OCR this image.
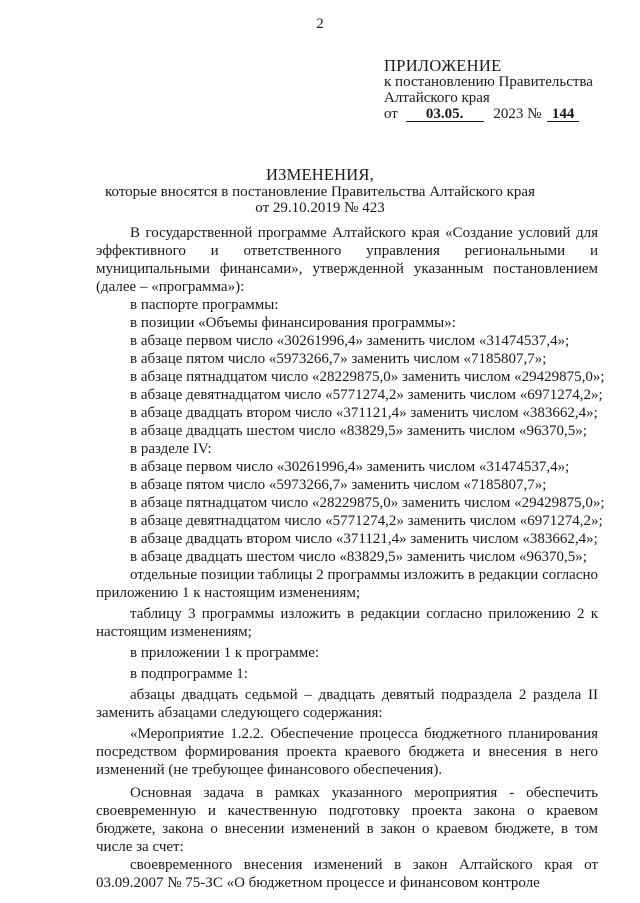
2
ПРИЛОЖЕНИЕ
к постановлению Правительства
Алтайского края
от 03.05. 2023 № 144
ИЗМЕНЕНИЯ,
которые вносятся в постановление Правительства Алтайского края
от 29.10.2019 № 423

В государственной программе Алтайского края «Создание условий для эффективного и ответственного управления региональными и муниципальными финансами», утвержденной указанным постановлением (далее – «программа»):

в паспорте программы:

в позиции «Объемы финансирования программы»:

в абзаце первом число «30261996,4» заменить числом «31474537,4»;

в абзаце пятом число «5973266,7» заменить числом «7185807,7»;

в абзаце пятнадцатом число «28229875,0» заменить числом «29429875,0»;

в абзаце девятнадцатом число «5771274,2» заменить числом «6971274,2»;

в абзаце двадцать втором число «371121,4» заменить числом «383662,4»;

в абзаце двадцать шестом число «83829,5» заменить числом «96370,5»;

в разделе IV:

в абзаце первом число «30261996,4» заменить числом «31474537,4»;

в абзаце пятом число «5973266,7» заменить числом «7185807,7»;

в абзаце пятнадцатом число «28229875,0» заменить числом «29429875,0»;

в абзаце девятнадцатом число «5771274,2» заменить числом «6971274,2»;

в абзаце двадцать втором число «371121,4» заменить числом «383662,4»;

в абзаце двадцать шестом число «83829,5» заменить числом «96370,5»;

отдельные позиции таблицы 2 программы изложить в редакции согласно приложению 1 к настоящим изменениям;

таблицу 3 программы изложить в редакции согласно приложению 2 к настоящим изменениям;

в приложении 1 к программе:

в подпрограмме 1:

абзацы двадцать седьмой – двадцать девятый подраздела 2 раздела II заменить абзацами следующего содержания:

«Мероприятие 1.2.2. Обеспечение процесса бюджетного планирования посредством формирования проекта краевого бюджета и внесения в него изменений (не требующее финансового обеспечения).

Основная задача в рамках указанного мероприятия - обеспечить своевременную и качественную подготовку проекта закона о краевом бюджете, закона о внесении изменений в закон о краевом бюджете, в том числе за счет:

своевременного внесения изменений в закон Алтайского края от 03.09.2007 № 75-ЗС «О бюджетном процессе и финансовом контроле
